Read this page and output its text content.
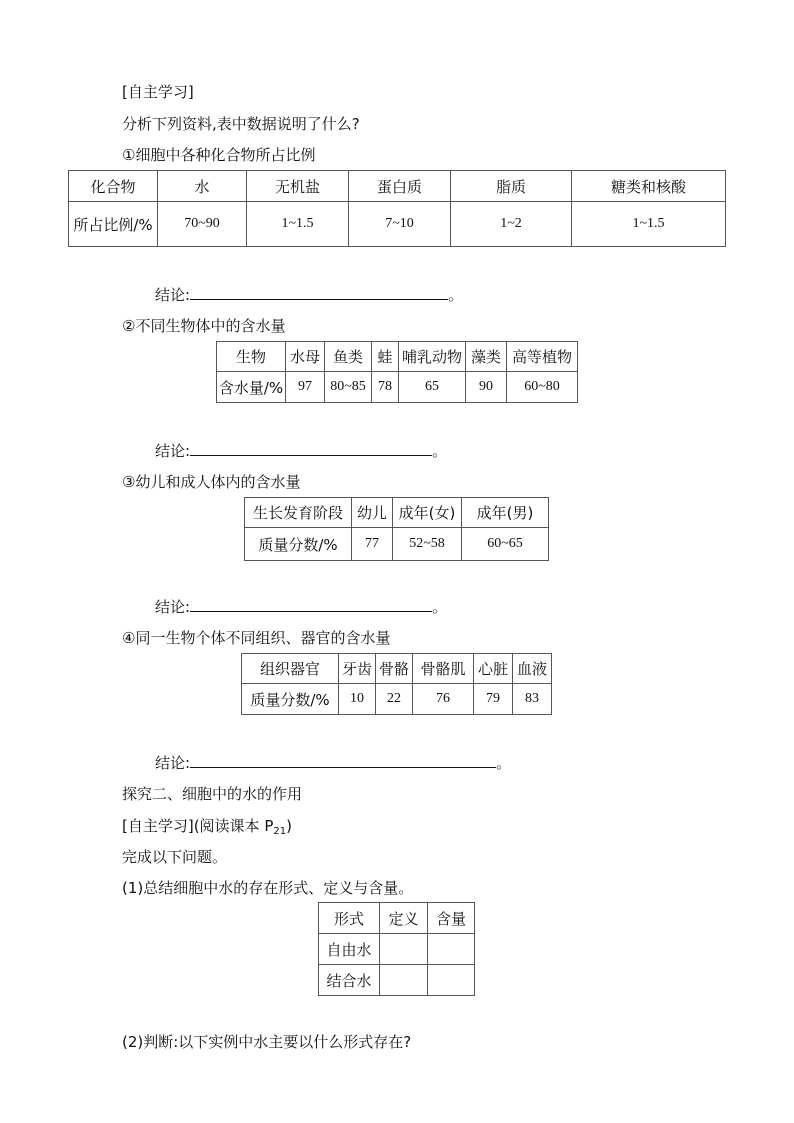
[自主学习]
分析下列资料,表中数据说明了什么?
①细胞中各种化合物所占比例
化合物	水	无机盐	蛋白质	脂质	糖类和核酸
所占比例/%	70~90	1~1.5	7~10	1~2	1~1.5
结论:	。
②不同生物体中的含水量
生物	水母	鱼类	蛙	哺乳动物	藻类	高等植物
含水量/%	97	80~85	78	65	90	60~80
结论:	。
③幼儿和成人体内的含水量
生长发育阶段	幼儿	成年(女)	成年(男)
质量分数/%	77	52~58	60~65
结论:	。
④同一生物个体不同组织、器官的含水量
组织器官	牙齿	骨骼	骨骼肌	心脏	血液
质量分数/%	10	22	76	79	83
结论:	。
探究二、细胞中的水的作用
[自主学习](阅读课本 $P_{21}$)
完成以下问题。
(1)总结细胞中水的存在形式、定义与含量。
形式	定义	含量
自由水		
结合水		
(2)判断:以下实例中水主要以什么形式存在?
